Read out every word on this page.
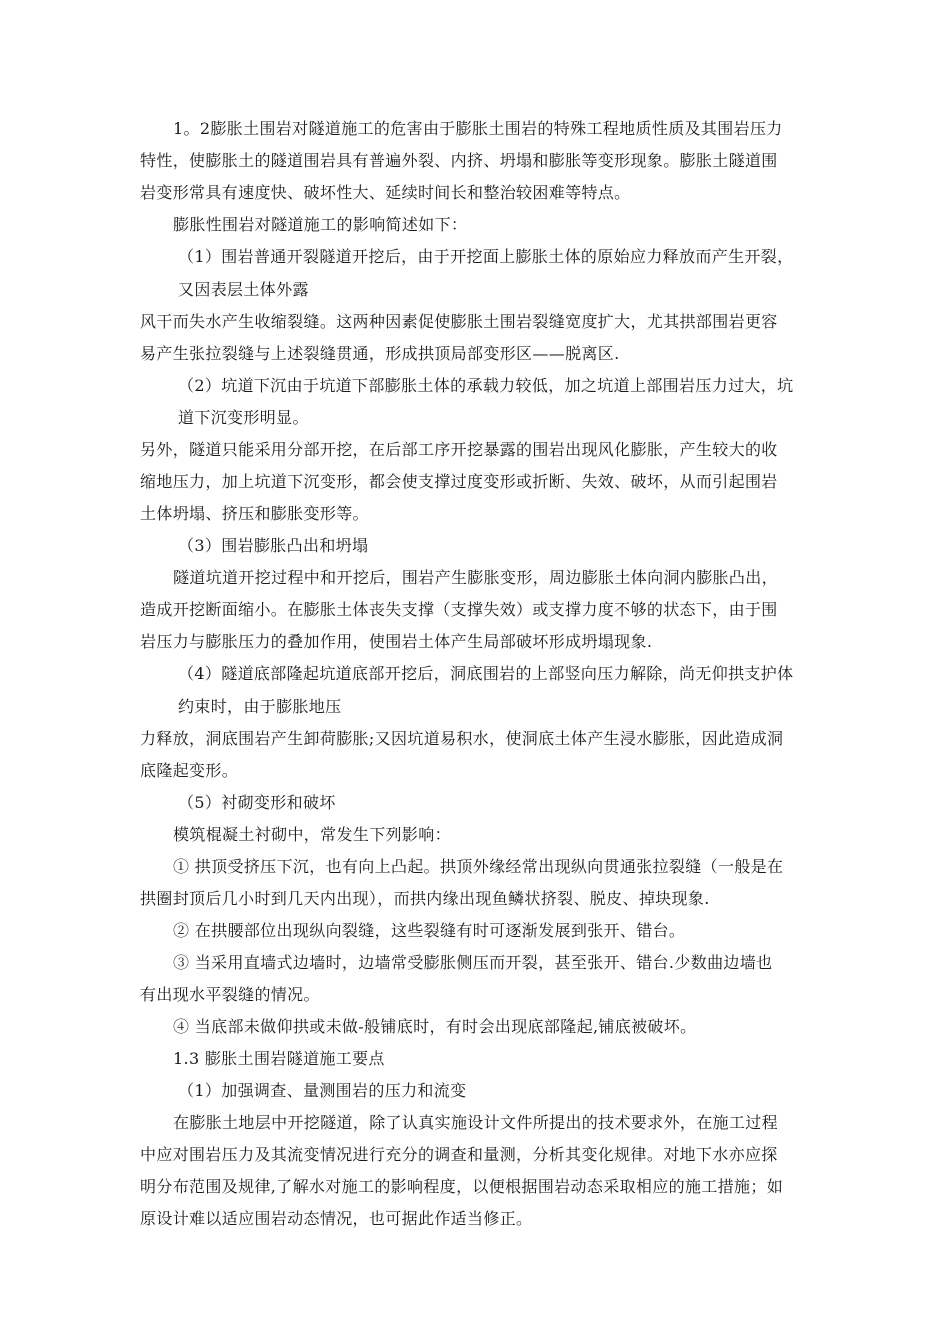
1。2膨胀土围岩对隧道施工的危害由于膨胀土围岩的特殊工程地质性质及其围岩压力

特性，使膨胀土的隧道围岩具有普遍外裂、内挤、坍塌和膨胀等变形现象。膨胀土隧道围

岩变形常具有速度快、破坏性大、延续时间长和整治较困难等特点。

膨胀性围岩对隧道施工的影响简述如下：

（1）围岩普通开裂隧道开挖后，由于开挖面上膨胀土体的原始应力释放而产生开裂，

又因表层土体外露

风干而失水产生收缩裂缝。这两种因素促使膨胀土围岩裂缝宽度扩大，尤其拱部围岩更容

易产生张拉裂缝与上述裂缝贯通，形成拱顶局部变形区——脱离区.

（2）坑道下沉由于坑道下部膨胀土体的承载力较低，加之坑道上部围岩压力过大，坑

道下沉变形明显。

另外，隧道只能采用分部开挖，在后部工序开挖暴露的围岩出现风化膨胀，产生较大的收

缩地压力，加上坑道下沉变形，都会使支撑过度变形或折断、失效、破坏，从而引起围岩

土体坍塌、挤压和膨胀变形等。

（3）围岩膨胀凸出和坍塌

隧道坑道开挖过程中和开挖后，围岩产生膨胀变形，周边膨胀土体向洞内膨胀凸出，

造成开挖断面缩小。在膨胀土体丧失支撑（支撑失效）或支撑力度不够的状态下，由于围

岩压力与膨胀压力的叠加作用，使围岩土体产生局部破坏形成坍塌现象.

（4）隧道底部隆起坑道底部开挖后，洞底围岩的上部竖向压力解除，尚无仰拱支护体

约束时，由于膨胀地压

力释放，洞底围岩产生卸荷膨胀;又因坑道易积水，使洞底土体产生浸水膨胀，因此造成洞

底隆起变形。

（5）衬砌变形和破坏

模筑棍凝土衬砌中，常发生下列影响：

① 拱顶受挤压下沉，也有向上凸起。拱顶外缘经常出现纵向贯通张拉裂缝（一般是在

拱圈封顶后几小时到几天内出现），而拱内缘出现鱼鳞状挤裂、脱皮、掉块现象.

② 在拱腰部位出现纵向裂缝，这些裂缝有时可逐渐发展到张开、错台。

③ 当采用直墙式边墙时，边墙常受膨胀侧压而开裂，甚至张开、错台.少数曲边墙也

有出现水平裂缝的情况。

④ 当底部未做仰拱或未做-般铺底时，有时会出现底部隆起,铺底被破坏。

1.3 膨胀土围岩隧道施工要点

（1）加强调查、量测围岩的压力和流变

在膨胀土地层中开挖隧道，除了认真实施设计文件所提出的技术要求外，在施工过程

中应对围岩压力及其流变情况进行充分的调查和量测，分析其变化规律。对地下水亦应探

明分布范围及规律,了解水对施工的影响程度，以便根据围岩动态采取相应的施工措施；如

原设计难以适应围岩动态情况，也可据此作适当修正。
